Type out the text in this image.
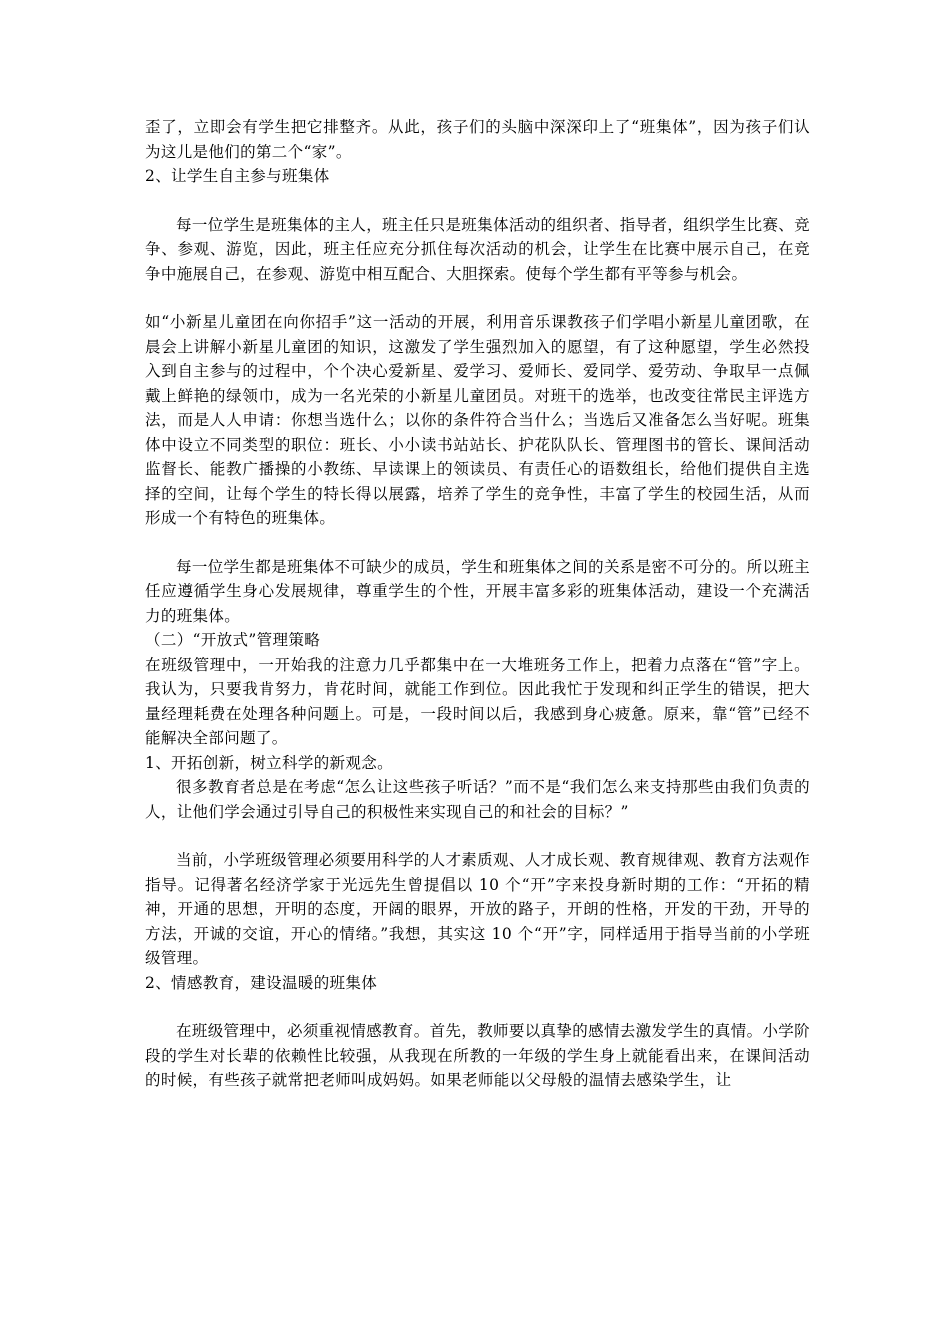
歪了，立即会有学生把它排整齐。从此，孩子们的头脑中深深印上了“班集体”，因为孩子们认为这儿是他们的第二个“家”。

2、让学生自主参与班集体

每一位学生是班集体的主人，班主任只是班集体活动的组织者、指导者，组织学生比赛、竞争、参观、游览，因此，班主任应充分抓住每次活动的机会，让学生在比赛中展示自己，在竞争中施展自己，在参观、游览中相互配合、大胆探索。使每个学生都有平等参与机会。

如“小新星儿童团在向你招手”这一活动的开展，利用音乐课教孩子们学唱小新星儿童团歌，在晨会上讲解小新星儿童团的知识，这激发了学生强烈加入的愿望，有了这种愿望，学生必然投入到自主参与的过程中，个个决心爱新星、爱学习、爱师长、爱同学、爱劳动、争取早一点佩戴上鲜艳的绿领巾，成为一名光荣的小新星儿童团员。对班干的选举，也改变往常民主评选方法，而是人人申请：你想当选什么；以你的条件符合当什么；当选后又准备怎么当好呢。班集体中设立不同类型的职位：班长、小小读书站站长、护花队队长、管理图书的管长、课间活动监督长、能教广播操的小教练、早读课上的领读员、有责任心的语数组长，给他们提供自主选择的空间，让每个学生的特长得以展露，培养了学生的竞争性，丰富了学生的校园生活，从而形成一个有特色的班集体。

每一位学生都是班集体不可缺少的成员，学生和班集体之间的关系是密不可分的。所以班主任应遵循学生身心发展规律，尊重学生的个性，开展丰富多彩的班集体活动，建设一个充满活力的班集体。

（二）“开放式”管理策略

在班级管理中，一开始我的注意力几乎都集中在一大堆班务工作上，把着力点落在“管”字上。我认为，只要我肯努力，肯花时间，就能工作到位。因此我忙于发现和纠正学生的错误，把大量经理耗费在处理各种问题上。可是，一段时间以后，我感到身心疲惫。原来，靠“管”已经不能解决全部问题了。

1、开拓创新，树立科学的新观念。

很多教育者总是在考虑“怎么让这些孩子听话？”而不是“我们怎么来支持那些由我们负责的人，让他们学会通过引导自己的积极性来实现自己的和社会的目标？”

当前，小学班级管理必须要用科学的人才素质观、人才成长观、教育规律观、教育方法观作指导。记得著名经济学家于光远先生曾提倡以 10 个“开”字来投身新时期的工作：“开拓的精神，开通的思想，开明的态度，开阔的眼界，开放的路子，开朗的性格，开发的干劲，开导的方法，开诚的交谊，开心的情绪。”我想，其实这 10 个“开”字，同样适用于指导当前的小学班级管理。

2、情感教育，建设温暖的班集体

在班级管理中，必须重视情感教育。首先，教师要以真挚的感情去激发学生的真情。小学阶段的学生对长辈的依赖性比较强，从我现在所教的一年级的学生身上就能看出来，在课间活动的时候，有些孩子就常把老师叫成妈妈。如果老师能以父母般的温情去感染学生，让
